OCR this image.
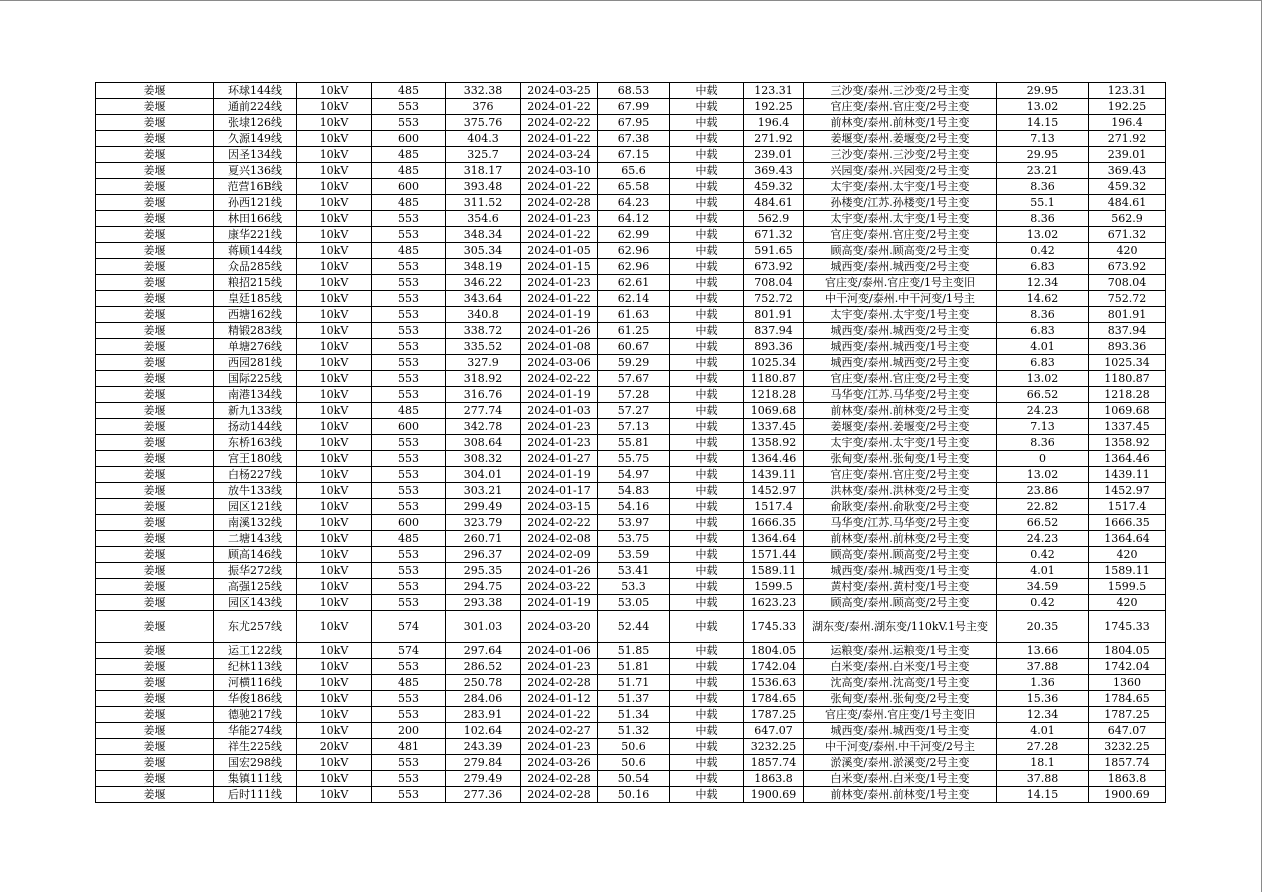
姜堰	环球144线	10kV	485	332.38	2024-03-25	68.53	中载	123.31	三沙变/泰州.三沙变/2号主变	29.95	123.31
姜堰	通前224线	10kV	553	376	2024-01-22	67.99	中载	192.25	官庄变/泰州.官庄变/2号主变	13.02	192.25
姜堰	张埭126线	10kV	553	375.76	2024-02-22	67.95	中载	196.4	前林变/泰州.前林变/1号主变	14.15	196.4
姜堰	久源149线	10kV	600	404.3	2024-01-22	67.38	中载	271.92	姜堰变/泰州.姜堰变/2号主变	7.13	271.92
姜堰	因圣134线	10kV	485	325.7	2024-03-24	67.15	中载	239.01	三沙变/泰州.三沙变/2号主变	29.95	239.01
姜堰	夏兴136线	10kV	485	318.17	2024-03-10	65.6	中载	369.43	兴园变/泰州.兴园变/2号主变	23.21	369.43
姜堰	范营16B线	10kV	600	393.48	2024-01-22	65.58	中载	459.32	太宇变/泰州.太宇变/1号主变	8.36	459.32
姜堰	孙西121线	10kV	485	311.52	2024-02-28	64.23	中载	484.61	孙楼变/江苏.孙楼变/1号主变	55.1	484.61
姜堰	林田166线	10kV	553	354.6	2024-01-23	64.12	中载	562.9	太宇变/泰州.太宇变/1号主变	8.36	562.9
姜堰	康华221线	10kV	553	348.34	2024-01-22	62.99	中载	671.32	官庄变/泰州.官庄变/2号主变	13.02	671.32
姜堰	蒋顾144线	10kV	485	305.34	2024-01-05	62.96	中载	591.65	顾高变/泰州.顾高变/2号主变	0.42	420
姜堰	众品285线	10kV	553	348.19	2024-01-15	62.96	中载	673.92	城西变/泰州.城西变/2号主变	6.83	673.92
姜堰	粮招215线	10kV	553	346.22	2024-01-23	62.61	中载	708.04	官庄变/泰州.官庄变/1号主变旧	12.34	708.04
姜堰	皇廷185线	10kV	553	343.64	2024-01-22	62.14	中载	752.72	中干河变/泰州.中干河变/1号主	14.62	752.72
姜堰	西塘162线	10kV	553	340.8	2024-01-19	61.63	中载	801.91	太宇变/泰州.太宇变/1号主变	8.36	801.91
姜堰	精锻283线	10kV	553	338.72	2024-01-26	61.25	中载	837.94	城西变/泰州.城西变/2号主变	6.83	837.94
姜堰	单塘276线	10kV	553	335.52	2024-01-08	60.67	中载	893.36	城西变/泰州.城西变/1号主变	4.01	893.36
姜堰	西园281线	10kV	553	327.9	2024-03-06	59.29	中载	1025.34	城西变/泰州.城西变/2号主变	6.83	1025.34
姜堰	国际225线	10kV	553	318.92	2024-02-22	57.67	中载	1180.87	官庄变/泰州.官庄变/2号主变	13.02	1180.87
姜堰	南港134线	10kV	553	316.76	2024-01-19	57.28	中载	1218.28	马华变/江苏.马华变/2号主变	66.52	1218.28
姜堰	新九133线	10kV	485	277.74	2024-01-03	57.27	中载	1069.68	前林变/泰州.前林变/2号主变	24.23	1069.68
姜堰	扬动144线	10kV	600	342.78	2024-01-23	57.13	中载	1337.45	姜堰变/泰州.姜堰变/2号主变	7.13	1337.45
姜堰	东桥163线	10kV	553	308.64	2024-01-23	55.81	中载	1358.92	太宇变/泰州.太宇变/1号主变	8.36	1358.92
姜堰	宫王180线	10kV	553	308.32	2024-01-27	55.75	中载	1364.46	张甸变/泰州.张甸变/1号主变	0	1364.46
姜堰	白杨227线	10kV	553	304.01	2024-01-19	54.97	中载	1439.11	官庄变/泰州.官庄变/2号主变	13.02	1439.11
姜堰	放牛133线	10kV	553	303.21	2024-01-17	54.83	中载	1452.97	洪林变/泰州.洪林变/2号主变	23.86	1452.97
姜堰	园区121线	10kV	553	299.49	2024-03-15	54.16	中载	1517.4	俞耿变/泰州.俞耿变/2号主变	22.82	1517.4
姜堰	南溪132线	10kV	600	323.79	2024-02-22	53.97	中载	1666.35	马华变/江苏.马华变/2号主变	66.52	1666.35
姜堰	二塘143线	10kV	485	260.71	2024-02-08	53.75	中载	1364.64	前林变/泰州.前林变/2号主变	24.23	1364.64
姜堰	顾高146线	10kV	553	296.37	2024-02-09	53.59	中载	1571.44	顾高变/泰州.顾高变/2号主变	0.42	420
姜堰	振华272线	10kV	553	295.35	2024-01-26	53.41	中载	1589.11	城西变/泰州.城西变/1号主变	4.01	1589.11
姜堰	高强125线	10kV	553	294.75	2024-03-22	53.3	中载	1599.5	黄村变/泰州.黄村变/1号主变	34.59	1599.5
姜堰	园区143线	10kV	553	293.38	2024-01-19	53.05	中载	1623.23	顾高变/泰州.顾高变/2号主变	0.42	420
姜堰	东尤257线	10kV	574	301.03	2024-03-20	52.44	中载	1745.33	湖东变/泰州.湖东变/110kV.1号主变	20.35	1745.33
姜堰	运工122线	10kV	574	297.64	2024-01-06	51.85	中载	1804.05	运粮变/泰州.运粮变/1号主变	13.66	1804.05
姜堰	纪林113线	10kV	553	286.52	2024-01-23	51.81	中载	1742.04	白米变/泰州.白米变/1号主变	37.88	1742.04
姜堰	河横116线	10kV	485	250.78	2024-02-28	51.71	中载	1536.63	沈高变/泰州.沈高变/1号主变	1.36	1360
姜堰	华俊186线	10kV	553	284.06	2024-01-12	51.37	中载	1784.65	张甸变/泰州.张甸变/2号主变	15.36	1784.65
姜堰	德驰217线	10kV	553	283.91	2024-01-22	51.34	中载	1787.25	官庄变/泰州.官庄变/1号主变旧	12.34	1787.25
姜堰	华能274线	10kV	200	102.64	2024-02-27	51.32	中载	647.07	城西变/泰州.城西变/1号主变	4.01	647.07
姜堰	祥生225线	20kV	481	243.39	2024-01-23	50.6	中载	3232.25	中干河变/泰州.中干河变/2号主	27.28	3232.25
姜堰	国宏298线	10kV	553	279.84	2024-03-26	50.6	中载	1857.74	淤溪变/泰州.淤溪变/2号主变	18.1	1857.74
姜堰	集镇111线	10kV	553	279.49	2024-02-28	50.54	中载	1863.8	白米变/泰州.白米变/1号主变	37.88	1863.8
姜堰	后时111线	10kV	553	277.36	2024-02-28	50.16	中载	1900.69	前林变/泰州.前林变/1号主变	14.15	1900.69
